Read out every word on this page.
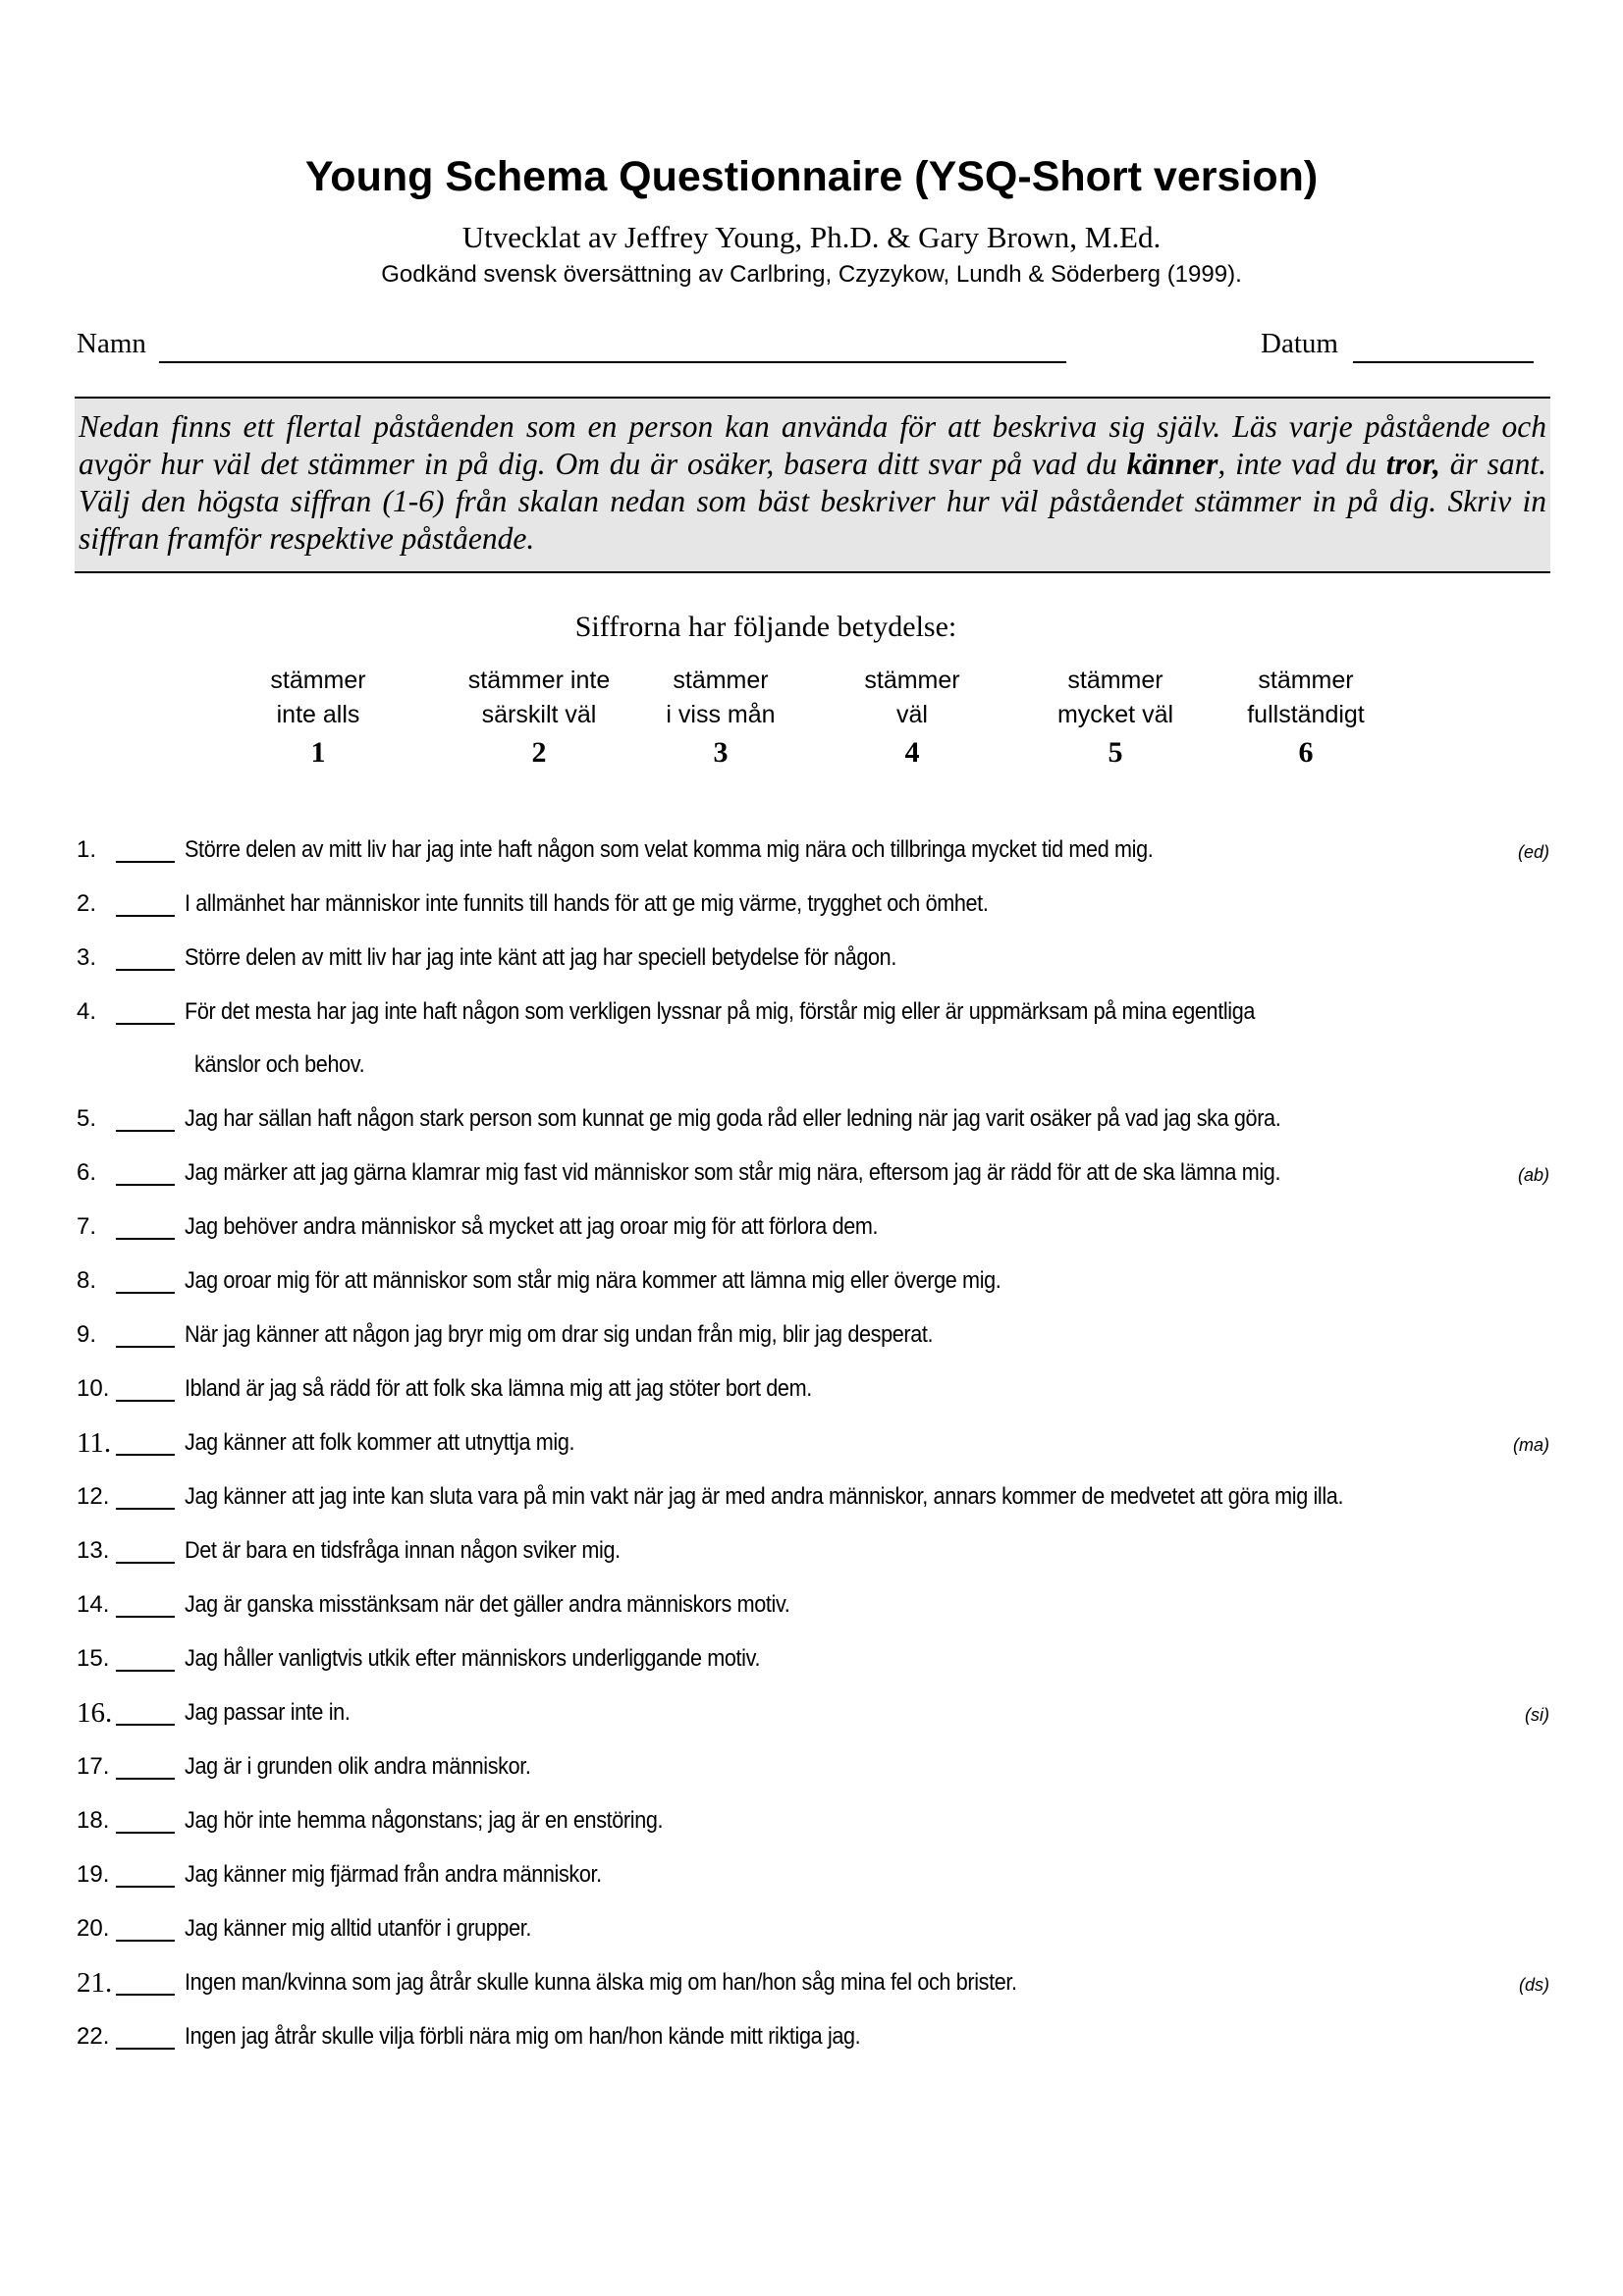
Young Schema Questionnaire (YSQ-Short version)
Utvecklat av Jeffrey Young, Ph.D. & Gary Brown, M.Ed.
Godkänd svensk översättning av Carlbring, Czyzykow, Lundh & Söderberg (1999).
Namn	Datum

Nedan finns ett flertal påståenden som en person kan använda för att beskriva sig själv. Läs varje påstående och avgör hur väl det stämmer in på dig. Om du är osäker, basera ditt svar på vad du känner, inte vad du tror, är sant. Välj den högsta siffran (1-6) från skalan nedan som bäst beskriver hur väl påståendet stämmer in på dig. Skriv in siffran framför respektive påstående.

Siffrorna har följande betydelse:
stämmer
inte alls
1
stämmer inte
särskilt väl
2
stämmer
i viss mån
3
stämmer
väl
4
stämmer
mycket väl
5
stämmer
fullständigt
6
1.	Större delen av mitt liv har jag inte haft någon som velat komma mig nära och tillbringa mycket tid med mig.	(ed)
2.	I allmänhet har människor inte funnits till hands för att ge mig värme, trygghet och ömhet.
3.	Större delen av mitt liv har jag inte känt att jag har speciell betydelse för någon.
4.	För det mesta har jag inte haft någon som verkligen lyssnar på mig, förstår mig eller är uppmärksam på mina egentliga
känslor och behov.
5.	Jag har sällan haft någon stark person som kunnat ge mig goda råd eller ledning när jag varit osäker på vad jag ska göra.
6.	Jag märker att jag gärna klamrar mig fast vid människor som står mig nära, eftersom jag är rädd för att de ska lämna mig.	(ab)
7.	Jag behöver andra människor så mycket att jag oroar mig för att förlora dem.
8.	Jag oroar mig för att människor som står mig nära kommer att lämna mig eller överge mig.
9.	När jag känner att någon jag bryr mig om drar sig undan från mig, blir jag desperat.
10.	Ibland är jag så rädd för att folk ska lämna mig att jag stöter bort dem.
11.	Jag känner att folk kommer att utnyttja mig.	(ma)
12.	Jag känner att jag inte kan sluta vara på min vakt när jag är med andra människor, annars kommer de medvetet att göra mig illa.
13.	Det är bara en tidsfråga innan någon sviker mig.
14.	Jag är ganska misstänksam när det gäller andra människors motiv.
15.	Jag håller vanligtvis utkik efter människors underliggande motiv.
16.	Jag passar inte in.	(si)
17.	Jag är i grunden olik andra människor.
18.	Jag hör inte hemma någonstans; jag är en enstöring.
19.	Jag känner mig fjärmad från andra människor.
20.	Jag känner mig alltid utanför i grupper.
21.	Ingen man/kvinna som jag åtrår skulle kunna älska mig om han/hon såg mina fel och brister.	(ds)
22.	Ingen jag åtrår skulle vilja förbli nära mig om han/hon kände mitt riktiga jag.
